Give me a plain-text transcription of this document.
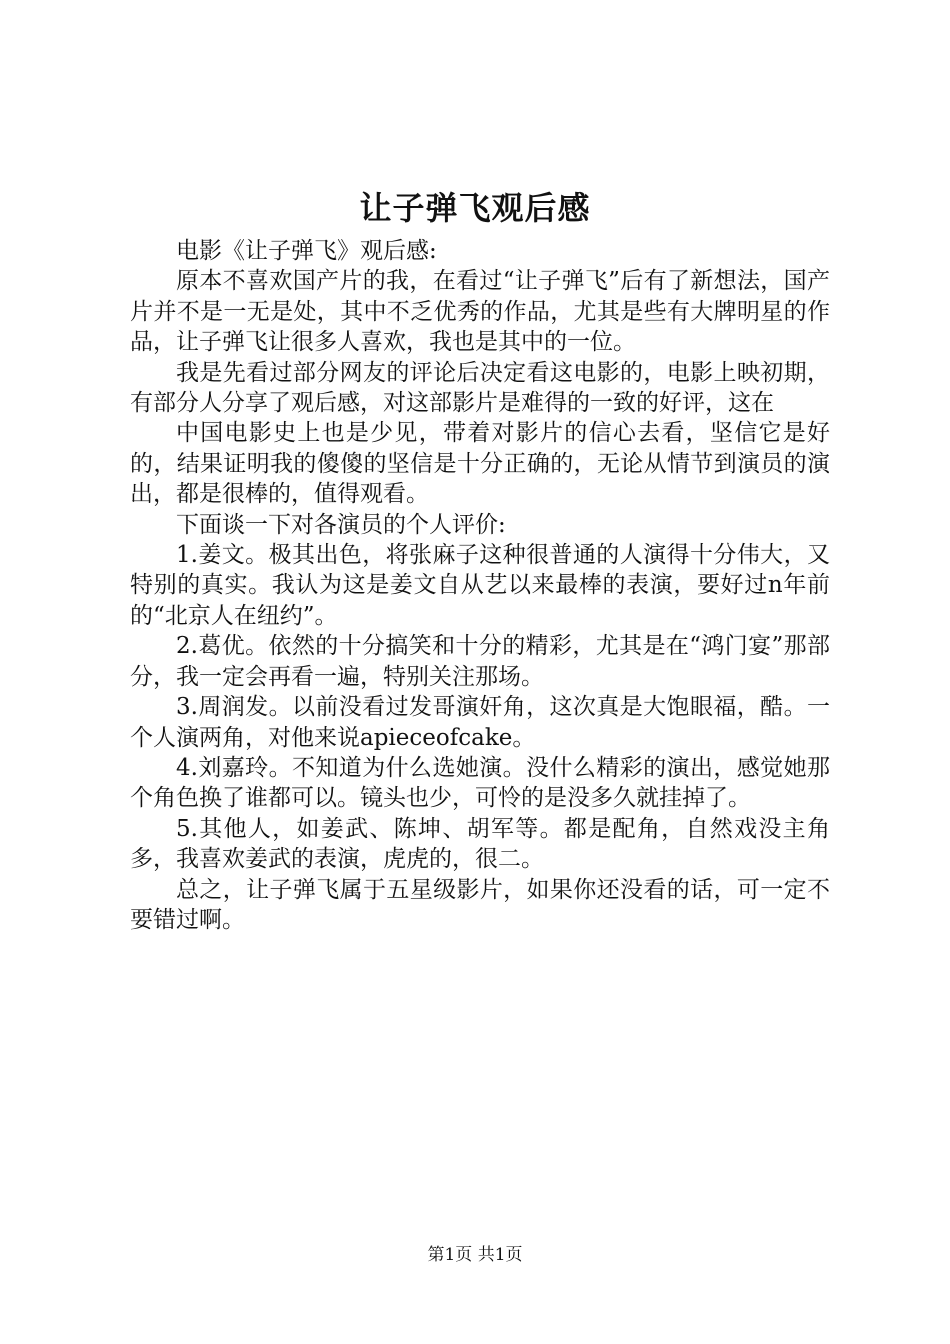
让子弹飞观后感

电影《让子弹飞》观后感:

原本不喜欢国产片的我，在看过“让子弹飞”后有了新想法，国产片并不是一无是处，其中不乏优秀的作品，尤其是些有大牌明星的作品，让子弹飞让很多人喜欢，我也是其中的一位。

我是先看过部分网友的评论后决定看这电影的，电影上映初期，有部分人分享了观后感，对这部影片是难得的一致的好评，这在

中国电影史上也是少见，带着对影片的信心去看，坚信它是好的，结果证明我的傻傻的坚信是十分正确的，无论从情节到演员的演出，都是很棒的，值得观看。

下面谈一下对各演员的个人评价:

1.姜文。极其出色，将张麻子这种很普通的人演得十分伟大，又特别的真实。我认为这是姜文自从艺以来最棒的表演，要好过n年前的“北京人在纽约”。

2.葛优。依然的十分搞笑和十分的精彩，尤其是在“鸿门宴”那部分，我一定会再看一遍，特别关注那场。

3.周润发。以前没看过发哥演奸角，这次真是大饱眼福，酷。一个人演两角，对他来说apieceofcake。

4.刘嘉玲。不知道为什么选她演。没什么精彩的演出，感觉她那个角色换了谁都可以。镜头也少，可怜的是没多久就挂掉了。

5.其他人，如姜武、陈坤、胡军等。都是配角，自然戏没主角多，我喜欢姜武的表演，虎虎的，很二。

总之，让子弹飞属于五星级影片，如果你还没看的话，可一定不要错过啊。

第1页 共1页
